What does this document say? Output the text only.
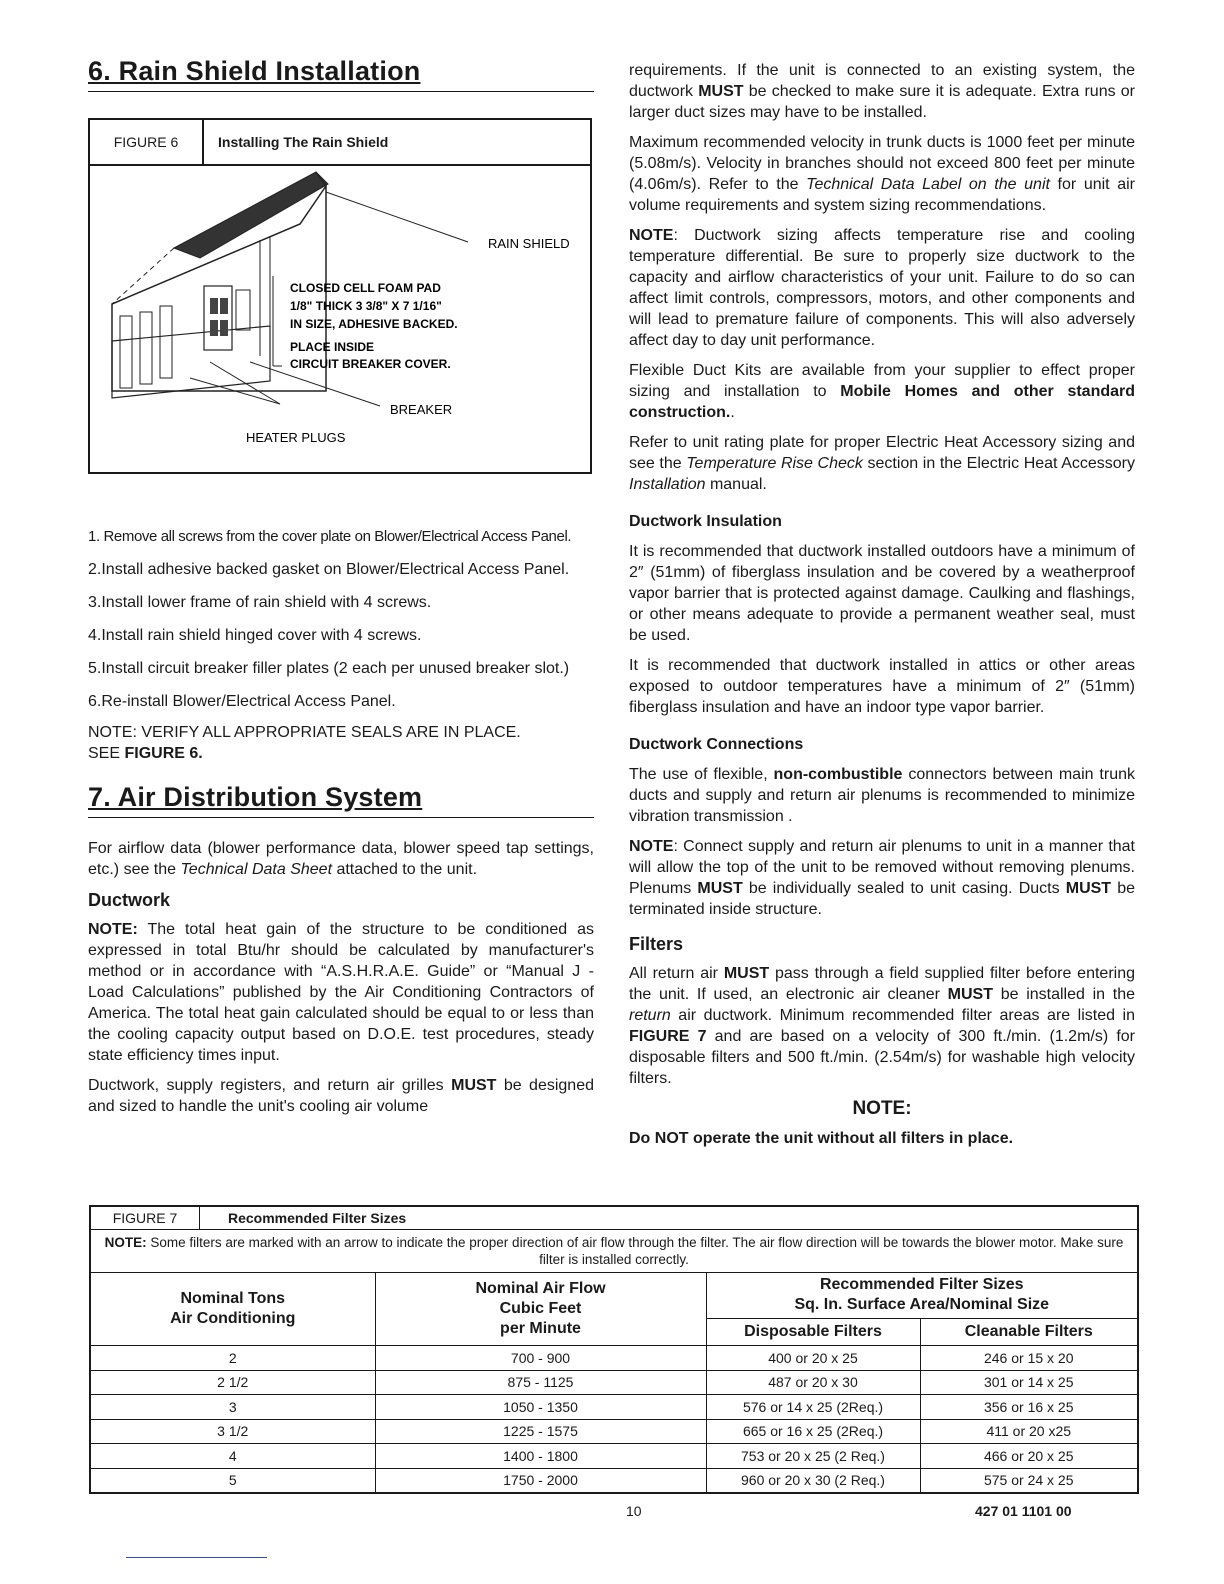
6. Rain Shield Installation
FIGURE 6	Installing The Rain Shield
RAIN SHIELD
CLOSED CELL FOAM PAD
1/8" THICK 3 3/8" X 7 1/16"
IN SIZE, ADHESIVE BACKED.
PLACE INSIDE
CIRCUIT BREAKER COVER.
BREAKER
HEATER PLUGS
1. Remove all screws from the cover plate on Blower/Electrical Access Panel.
2.Install adhesive backed gasket on Blower/Electrical Access Panel.
3.Install lower frame of rain shield with 4 screws.
4.Install rain shield hinged cover with 4 screws.
5.Install circuit breaker filler plates (2 each per unused breaker slot.)
6.Re-install Blower/Electrical Access Panel.

NOTE: VERIFY ALL APPROPRIATE SEALS ARE IN PLACE.
SEE FIGURE 6.

7. Air Distribution System

For airflow data (blower performance data, blower speed tap settings, etc.) see the Technical Data Sheet attached to the unit.

Ductwork

NOTE: The total heat gain of the structure to be conditioned as expressed in total Btu/hr should be calculated by manufacturer's method or in accordance with “A.S.H.R.A.E. Guide” or “Manual J - Load Calculations” published by the Air Conditioning Contractors of America. The total heat gain calculated should be equal to or less than the cooling capacity output based on D.O.E. test procedures, steady state efficiency times input.

Ductwork, supply registers, and return air grilles MUST be designed and sized to handle the unit's cooling air volume

requirements. If the unit is connected to an existing system, the ductwork MUST be checked to make sure it is adequate. Extra runs or larger duct sizes may have to be installed.

Maximum recommended velocity in trunk ducts is 1000 feet per minute (5.08m/s). Velocity in branches should not exceed 800 feet per minute (4.06m/s). Refer to the Technical Data Label on the unit for unit air volume requirements and system sizing recommendations.

NOTE: Ductwork sizing affects temperature rise and cooling temperature differential. Be sure to properly size ductwork to the capacity and airflow characteristics of your unit. Failure to do so can affect limit controls, compressors, motors, and other components and will lead to premature failure of components. This will also adversely affect day to day unit performance.

Flexible Duct Kits are available from your supplier to effect proper sizing and installation to Mobile Homes and other standard construction..

Refer to unit rating plate for proper Electric Heat Accessory sizing and see the Temperature Rise Check section in the Electric Heat Accessory Installation manual.

Ductwork Insulation

It is recommended that ductwork installed outdoors have a minimum of 2″ (51mm) of fiberglass insulation and be covered by a weatherproof vapor barrier that is protected against damage. Caulking and flashings, or other means adequate to provide a permanent weather seal, must be used.

It is recommended that ductwork installed in attics or other areas exposed to outdoor temperatures have a minimum of 2″ (51mm) fiberglass insulation and have an indoor type vapor barrier.

Ductwork Connections

The use of flexible, non-combustible connectors between main trunk ducts and supply and return air plenums is recommended to minimize vibration transmission .

NOTE: Connect supply and return air plenums to unit in a manner that will allow the top of the unit to be removed without removing plenums. Plenums MUST be individually sealed to unit casing. Ducts MUST be terminated inside structure.

Filters

All return air MUST pass through a field supplied filter before entering the unit. If used, an electronic air cleaner MUST be installed in the return air ductwork. Minimum recommended filter areas are listed in FIGURE 7 and are based on a velocity of 300 ft./min. (1.2m/s) for disposable filters and 500 ft./min. (2.54m/s) for washable high velocity filters.

NOTE:

Do NOT operate the unit without all filters in place.

FIGURE 7	Recommended Filter Sizes
NOTE: Some filters are marked with an arrow to indicate the proper direction of air flow through the filter. The air flow direction will be towards the blower motor. Make sure filter is installed correctly.
Nominal Tons
Air Conditioning	Nominal Air Flow
Cubic Feet
per Minute	Recommended Filter Sizes
Sq. In. Surface Area/Nominal Size	
		Disposable Filters	Cleanable Filters
2	700 - 900	400 or 20 x 25	246 or 15 x 20
2 1/2	875 - 1125	487 or 20 x 30	301 or 14 x 25
3	1050 - 1350	576 or 14 x 25 (2Req.)	356 or 16 x 25
3 1/2	1225 - 1575	665 or 16 x 25 (2Req.)	411 or 20 x25
4	1400 - 1800	753 or 20 x 25 (2 Req.)	466 or 20 x 25
5	1750 - 2000	960 or 20 x 30 (2 Req.)	575 or 24 x 25
10	427 01 1101 00
